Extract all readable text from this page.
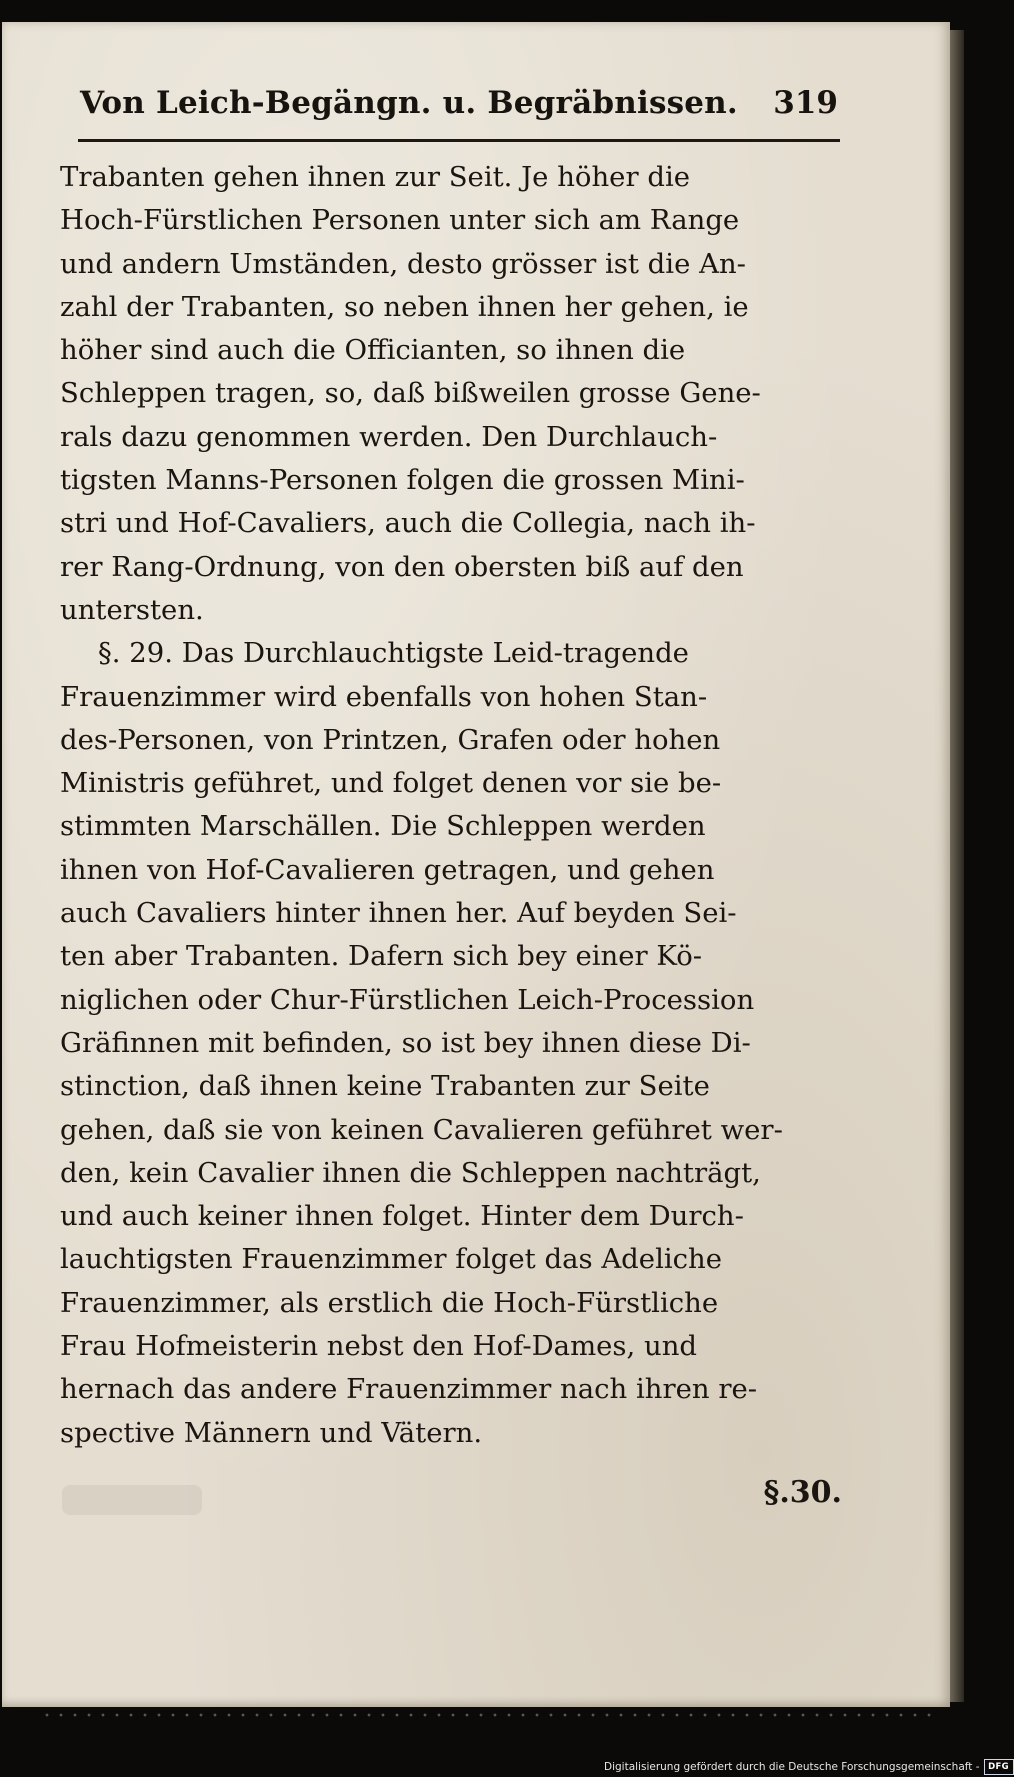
Von Leich-Begängn. u. Begräbnissen. 319
Trabanten gehen ihnen zur Seit. Je höher die
Hoch-Fürstlichen Personen unter sich am Range
und andern Umständen, desto grösser ist die An-
zahl der Trabanten, so neben ihnen her gehen, ie
höher sind auch die Officianten, so ihnen die
Schleppen tragen, so, daß bißweilen grosse Gene-
rals dazu genommen werden. Den Durchlauch-
tigsten Manns-Personen folgen die grossen Mini-
stri und Hof-Cavaliers, auch die Collegia, nach ih-
rer Rang-Ordnung, von den obersten biß auf den
untersten.
§. 29. Das Durchlauchtigste Leid-tragende
Frauenzimmer wird ebenfalls von hohen Stan-
des-Personen, von Printzen, Grafen oder hohen
Ministris geführet, und folget denen vor sie be-
stimmten Marschällen. Die Schleppen werden
ihnen von Hof-Cavalieren getragen, und gehen
auch Cavaliers hinter ihnen her. Auf beyden Sei-
ten aber Trabanten. Dafern sich bey einer Kö-
niglichen oder Chur-Fürstlichen Leich-Procession
Gräfinnen mit befinden, so ist bey ihnen diese Di-
stinction, daß ihnen keine Trabanten zur Seite
gehen, daß sie von keinen Cavalieren geführet wer-
den, kein Cavalier ihnen die Schleppen nachträgt,
und auch keiner ihnen folget. Hinter dem Durch-
lauchtigsten Frauenzimmer folget das Adeliche
Frauenzimmer, als erstlich die Hoch-Fürstliche
Frau Hofmeisterin nebst den Hof-Dames, und
hernach das andere Frauenzimmer nach ihren re-
spective Männern und Vätern.
§.30.
Digitalisierung gefördert durch die Deutsche Forschungsgemeinschaft - DFG
